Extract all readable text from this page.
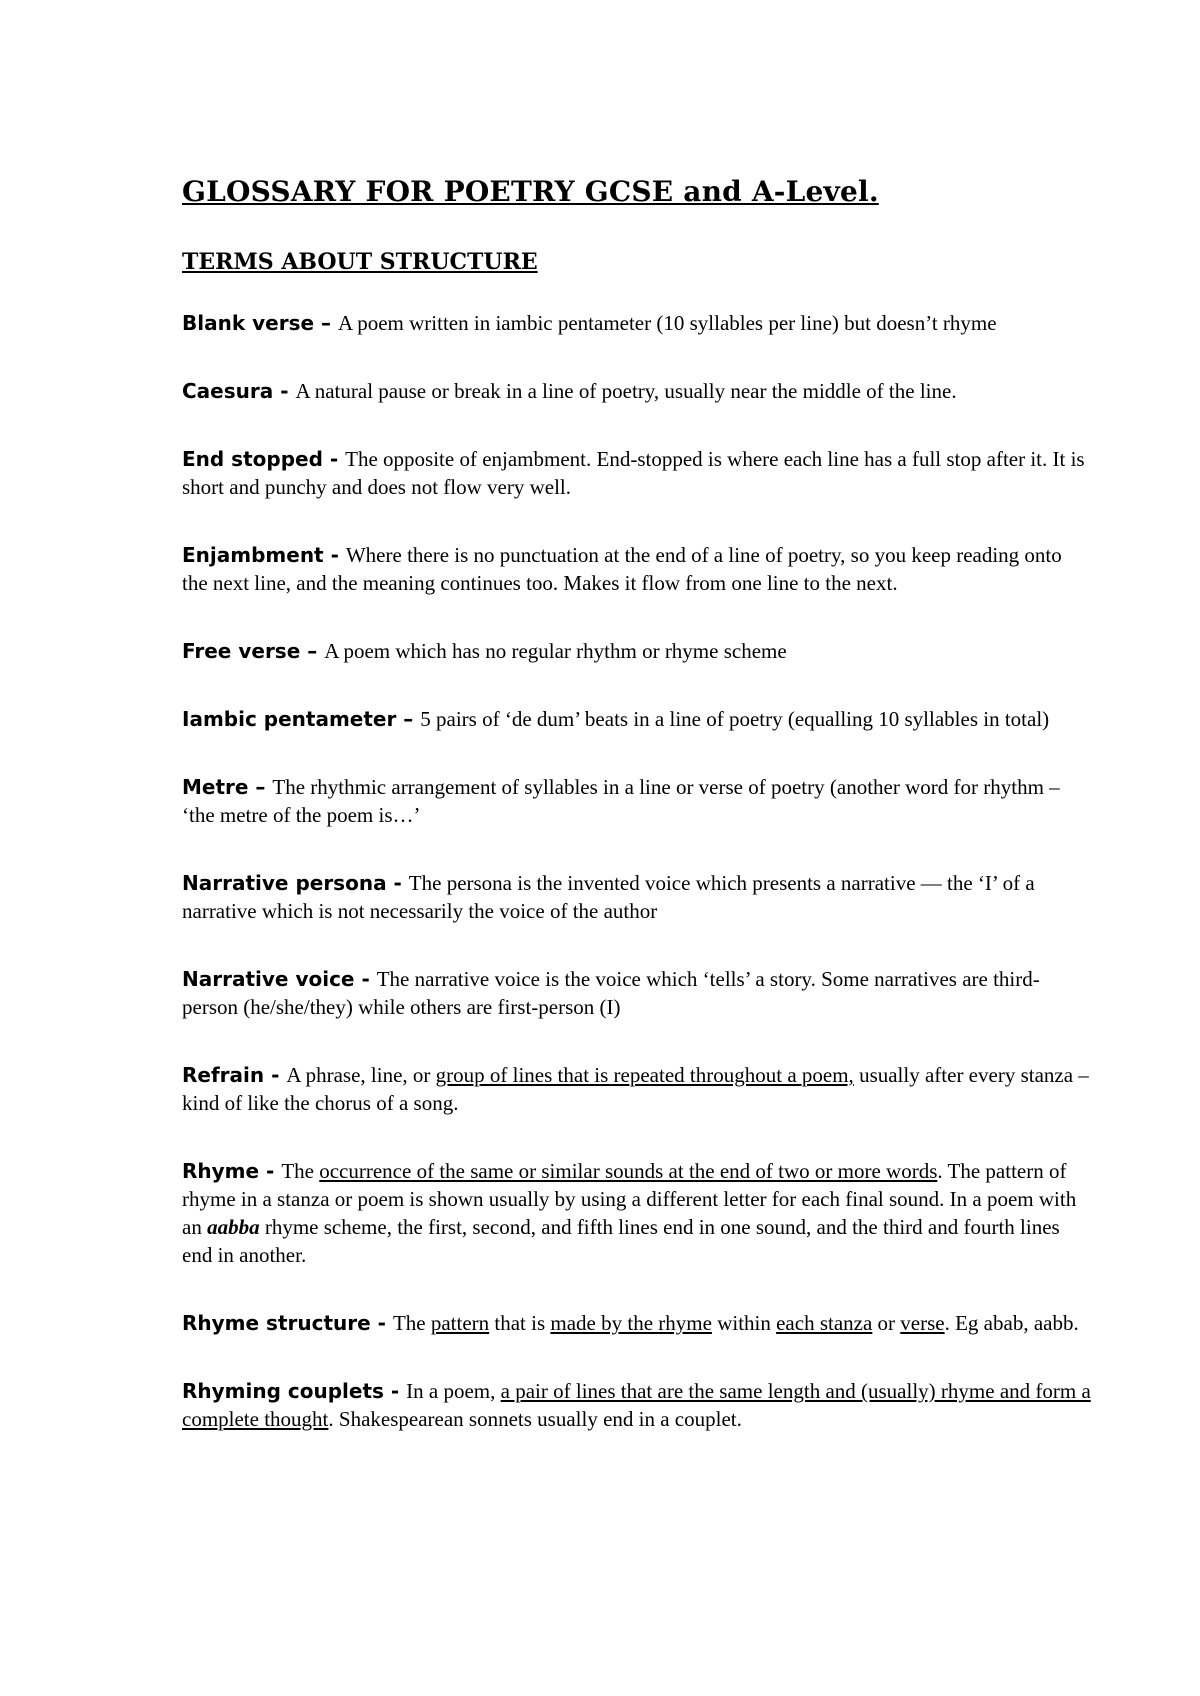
GLOSSARY FOR POETRY GCSE and A-Level.
TERMS ABOUT STRUCTURE
Blank verse – A poem written in iambic pentameter (10 syllables per line) but doesn’t rhyme
Caesura - A natural pause or break in a line of poetry, usually near the middle of the line.
End stopped - The opposite of enjambment. End-stopped is where each line has a full stop after it. It is short and punchy and does not flow very well.
Enjambment - Where there is no punctuation at the end of a line of poetry, so you keep reading onto the next line, and the meaning continues too. Makes it flow from one line to the next.
Free verse – A poem which has no regular rhythm or rhyme scheme
Iambic pentameter – 5 pairs of ‘de dum’ beats in a line of poetry (equalling 10 syllables in total)
Metre – The rhythmic arrangement of syllables in a line or verse of poetry (another word for rhythm – ‘the metre of the poem is…’
Narrative persona - The persona is the invented voice which presents a narrative — the ‘I’ of a narrative which is not necessarily the voice of the author
Narrative voice - The narrative voice is the voice which ‘tells’ a story. Some narratives are third-person (he/she/they) while others are first-person (I)
Refrain - A phrase, line, or group of lines that is repeated throughout a poem, usually after every stanza – kind of like the chorus of a song.
Rhyme - The occurrence of the same or similar sounds at the end of two or more words. The pattern of rhyme in a stanza or poem is shown usually by using a different letter for each final sound. In a poem with an aabba rhyme scheme, the first, second, and fifth lines end in one sound, and the third and fourth lines end in another.
Rhyme structure - The pattern that is made by the rhyme within each stanza or verse. Eg abab, aabb.
Rhyming couplets - In a poem, a pair of lines that are the same length and (usually) rhyme and form a complete thought. Shakespearean sonnets usually end in a couplet.
